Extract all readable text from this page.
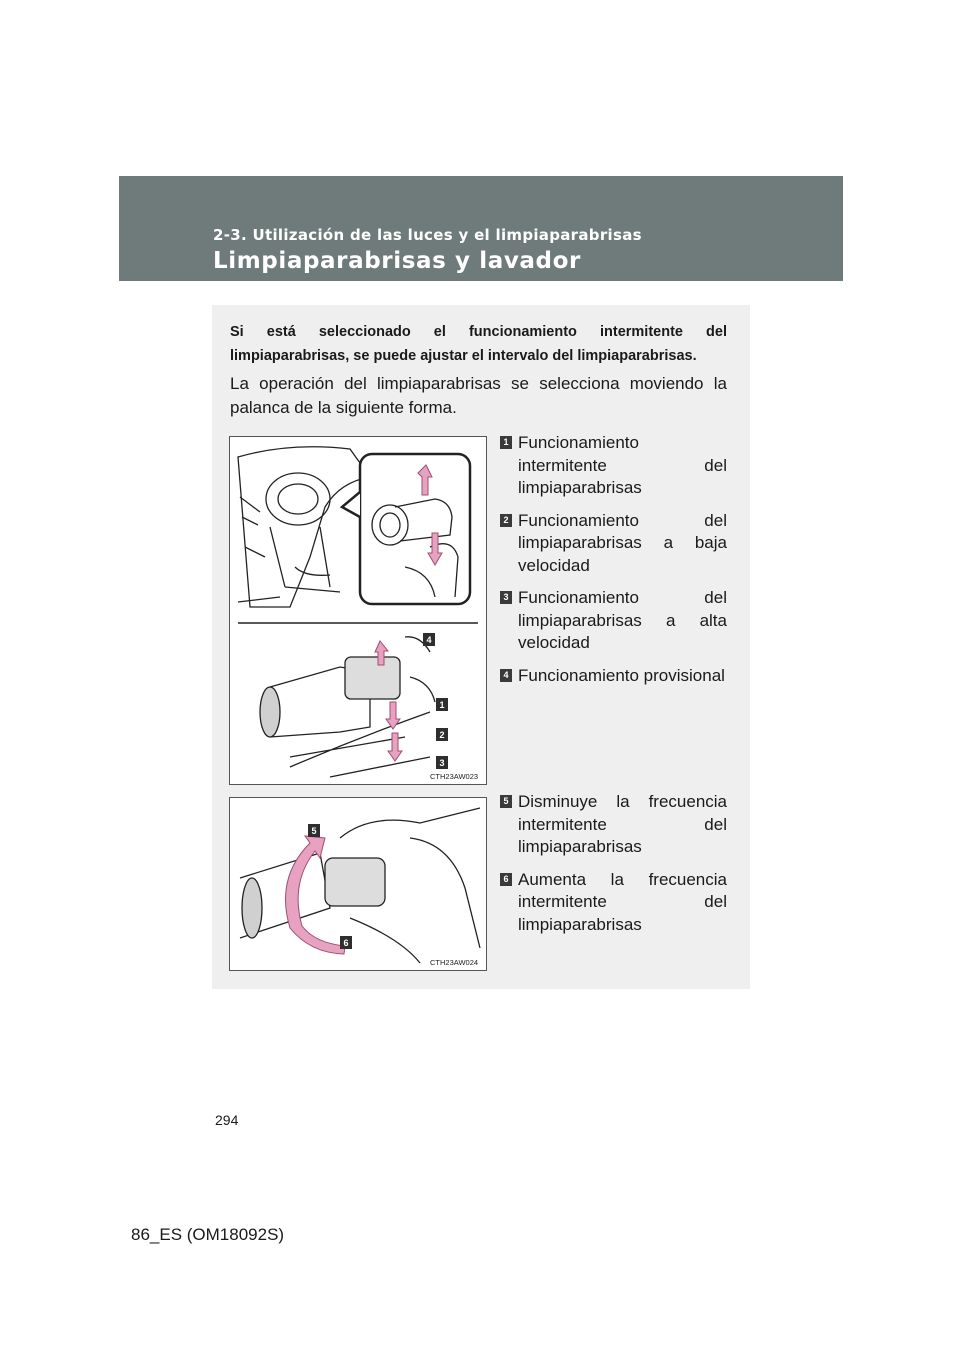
2-3. Utilización de las luces y el limpiaparabrisas
Limpiaparabrisas y lavador
Si está seleccionado el funcionamiento intermitente del limpiaparabrisas, se puede ajustar el intervalo del limpiaparabrisas.
La operación del limpiaparabrisas se selecciona moviendo la palanca de la siguiente forma.
4
1
2
3
CTH23AW023
1 Funcionamiento intermitente del limpiaparabrisas
2 Funcionamiento del limpiaparabrisas a baja velocidad
3 Funcionamiento del limpiaparabrisas a alta velocidad
4 Funcionamiento provisional
5
6
CTH23AW024
5 Disminuye la frecuencia intermitente del limpiaparabrisas
6 Aumenta la frecuencia intermitente del limpiaparabrisas
294
86_ES (OM18092S)
